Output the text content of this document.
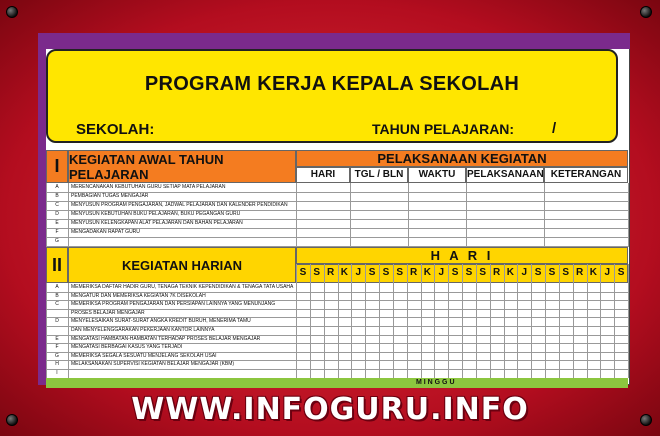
PROGRAM KERJA KEPALA SEKOLAH
SEKOLAH:	TAHUN PELAJARAN:	/
I KEGIATAN AWAL TAHUN PELAJARAN
PELAKSANAAN KEGIATAN
HARI	TGL / BLN	WAKTU	PELAKSANAAN KETERANGAN
A	MERENCANAKAN KEBUTUHAN GURU SETIAP MATA PELAJARAN
B	PEMBAGIAN TUGAS MENGAJAR
C	MENYUSUN PROGRAM PENGAJARAN, JADWAL PELAJARAN DAN KALENDER PENDIDIKAN
D	MENYUSUN KEBUTUHAN BUKU PELAJARAN, BUKU PEGANGAN GURU
E	MENYUSUN KELENGKAPAN ALAT PELAJARAN DAN BAHAN PELAJARAN
F	MENGADAKAN RAPAT GURU
G
II	KEGIATAN HARIAN
H A R I
S S R K J S S S R K J S S S R K J S S S R K J S
A	MEMERIKSA DAFTAR HADIR GURU, TENAGA TEKNIK KEPENDIDIKAN & TENAGA TATA USAHA
B	MENGATUR DAN MEMERIKSA KEGIATAN 7K DISEKOLAH
C	MEMERIKSA PROGRAM PENGAJARAN DAN PERSIAPAN LAINNYA YANG MENUNJANG
PROSES BELAJAR MENGAJAR
D	MENYELESAIKAN SURAT-SURAT ANGKA KREDIT BURUH, MENERIMA TAMU
DAN MENYELENGGARAKAN PEKERJAAN KANTOR LAINNYA
E	MENGATASI HAMBATAN-HAMBATAN TERHADAP PROSES BELAJAR MENGAJAR
F	MENGATASI BERBAGAI KASUS YANG TERJADI
G	MEMERIKSA SEGALA SESUATU MENJELANG SEKOLAH USAI
H	MELAKSANAKAN SUPERVISI KEGIATAN BELAJAR MENGAJAR (KBM)
I
M I N G G U
WWW.INFOGURU.INFO
